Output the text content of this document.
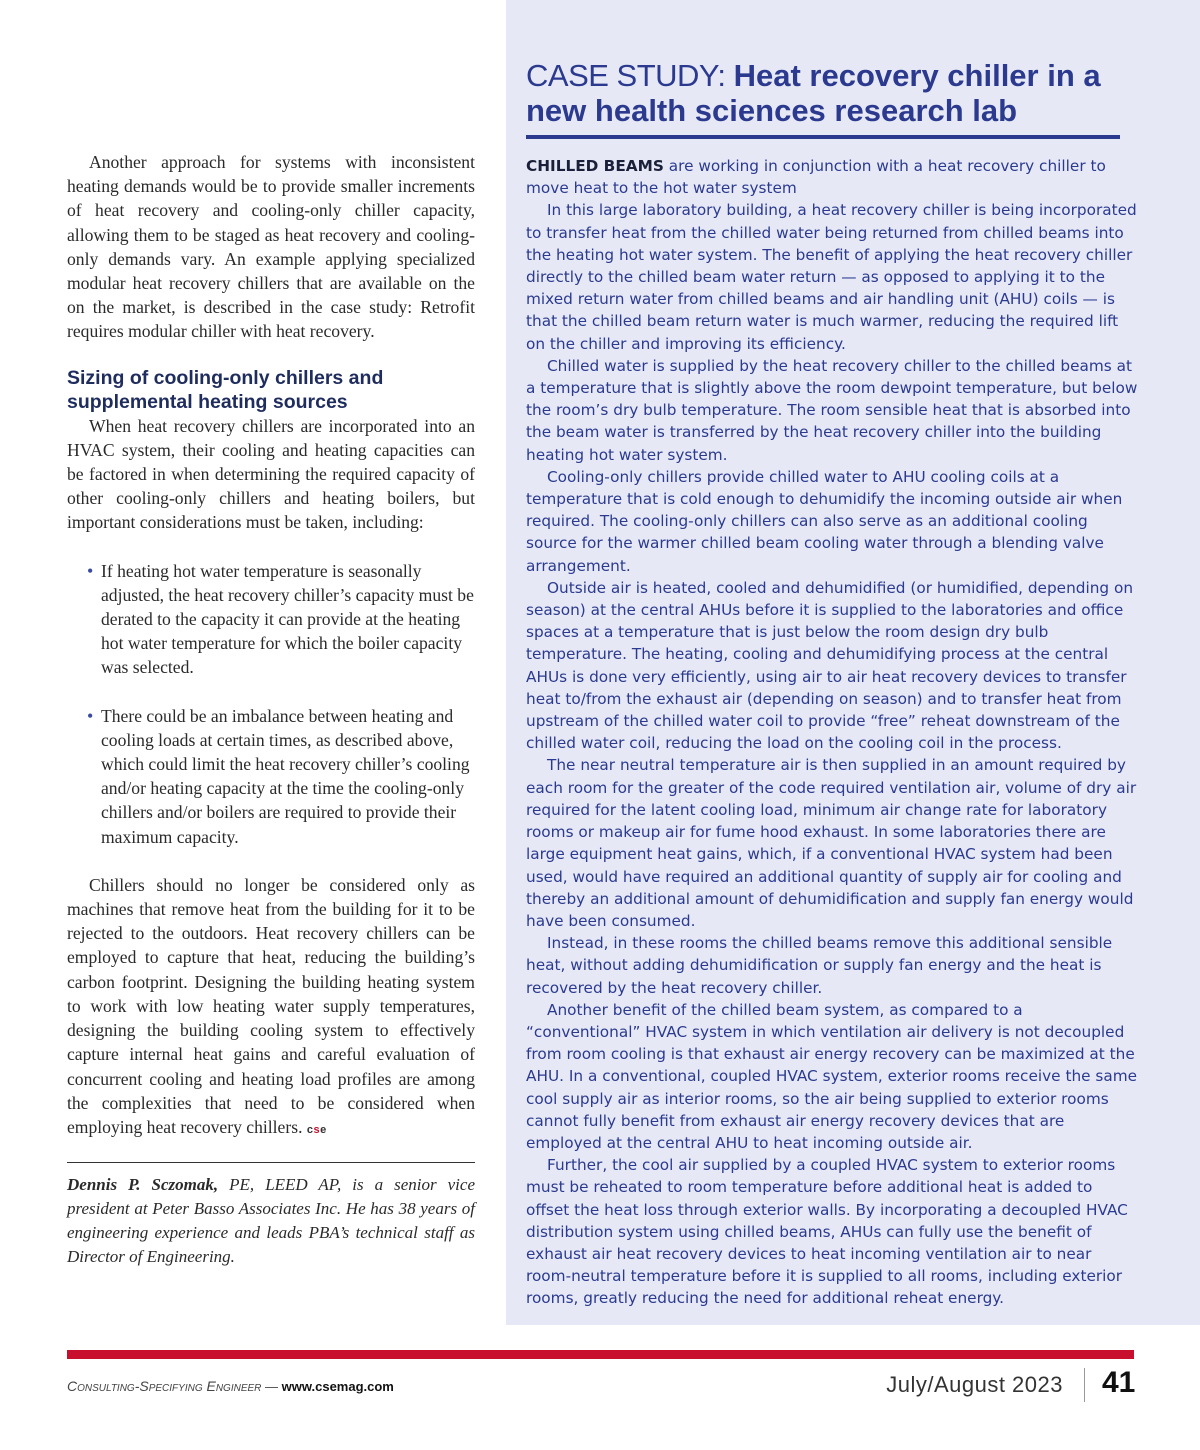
Another approach for systems with inconsistent heating demands would be to provide smaller increments of heat recovery and cooling-only chiller capacity, allowing them to be staged as heat recovery and cooling-only demands vary. An example applying specialized modular heat recovery chillers that are available on the on the market, is described in the case study: Retrofit requires modular chiller with heat recovery.

Sizing of cooling-only chillers and supplemental heating sources

When heat recovery chillers are incorporated into an HVAC system, their cooling and heating capacities can be factored in when determining the required capacity of other cooling-only chillers and heating boilers, but important considerations must be taken, including:

• If heating hot water temperature is seasonally adjusted, the heat recovery chiller’s capacity must be derated to the capacity it can provide at the heating hot water temperature for which the boiler capacity was selected.
• There could be an imbalance between heating and cooling loads at certain times, as described above, which could limit the heat recovery chiller’s cooling and/or heating capacity at the time the cooling-only chillers and/or boilers are required to provide their maximum capacity.

Chillers should no longer be considered only as machines that remove heat from the building for it to be rejected to the outdoors. Heat recovery chillers can be employed to capture that heat, reducing the building’s carbon footprint. Designing the building heating system to work with low heating water supply temperatures, designing the building cooling system to effectively capture internal heat gains and careful evaluation of concurrent cooling and heating load profiles are among the complexities that need to be considered when employing heat recovery chillers. cse

Dennis P. Sczomak, PE, LEED AP, is a senior vice president at Peter Basso Associates Inc. He has 38 years of engineering experience and leads PBA’s technical staff as Director of Engineering.

CASE STUDY: Heat recovery chiller in a new health sciences research lab

CHILLED BEAMS are working in conjunction with a heat recovery chiller to move heat to the hot water system

In this large laboratory building, a heat recovery chiller is being incorporated to transfer heat from the chilled water being returned from chilled beams into the heating hot water system. The benefit of applying the heat recovery chiller directly to the chilled beam water return — as opposed to applying it to the mixed return water from chilled beams and air handling unit (AHU) coils — is that the chilled beam return water is much warmer, reducing the required lift on the chiller and improving its efficiency.

Chilled water is supplied by the heat recovery chiller to the chilled beams at a temperature that is slightly above the room dewpoint temperature, but below the room’s dry bulb temperature. The room sensible heat that is absorbed into the beam water is transferred by the heat recovery chiller into the building heating hot water system.

Cooling-only chillers provide chilled water to AHU cooling coils at a temperature that is cold enough to dehumidify the incoming outside air when required. The cooling-only chillers can also serve as an additional cooling source for the warmer chilled beam cooling water through a blending valve arrangement.

Outside air is heated, cooled and dehumidified (or humidified, depending on season) at the central AHUs before it is supplied to the laboratories and office spaces at a temperature that is just below the room design dry bulb temperature. The heating, cooling and dehumidifying process at the central AHUs is done very efficiently, using air to air heat recovery devices to transfer heat to/from the exhaust air (depending on season) and to transfer heat from upstream of the chilled water coil to provide “free” reheat downstream of the chilled water coil, reducing the load on the cooling coil in the process.

The near neutral temperature air is then supplied in an amount required by each room for the greater of the code required ventilation air, volume of dry air required for the latent cooling load, minimum air change rate for laboratory rooms or makeup air for fume hood exhaust. In some laboratories there are large equipment heat gains, which, if a conventional HVAC system had been used, would have required an additional quantity of supply air for cooling and thereby an additional amount of dehumidification and supply fan energy would have been consumed.

Instead, in these rooms the chilled beams remove this additional sensible heat, without adding dehumidification or supply fan energy and the heat is recovered by the heat recovery chiller.

Another benefit of the chilled beam system, as compared to a “conventional” HVAC system in which ventilation air delivery is not decoupled from room cooling is that exhaust air energy recovery can be maximized at the AHU. In a conventional, coupled HVAC system, exterior rooms receive the same cool supply air as interior rooms, so the air being supplied to exterior rooms cannot fully benefit from exhaust air energy recovery devices that are employed at the central AHU to heat incoming outside air.

Further, the cool air supplied by a coupled HVAC system to exterior rooms must be reheated to room temperature before additional heat is added to offset the heat loss through exterior walls. By incorporating a decoupled HVAC distribution system using chilled beams, AHUs can fully use the benefit of exhaust air heat recovery devices to heat incoming ventilation air to near room-neutral temperature before it is supplied to all rooms, including exterior rooms, greatly reducing the need for additional reheat energy.

Consulting-Specifying Engineer — www.csemag.com	July/August 2023 41
